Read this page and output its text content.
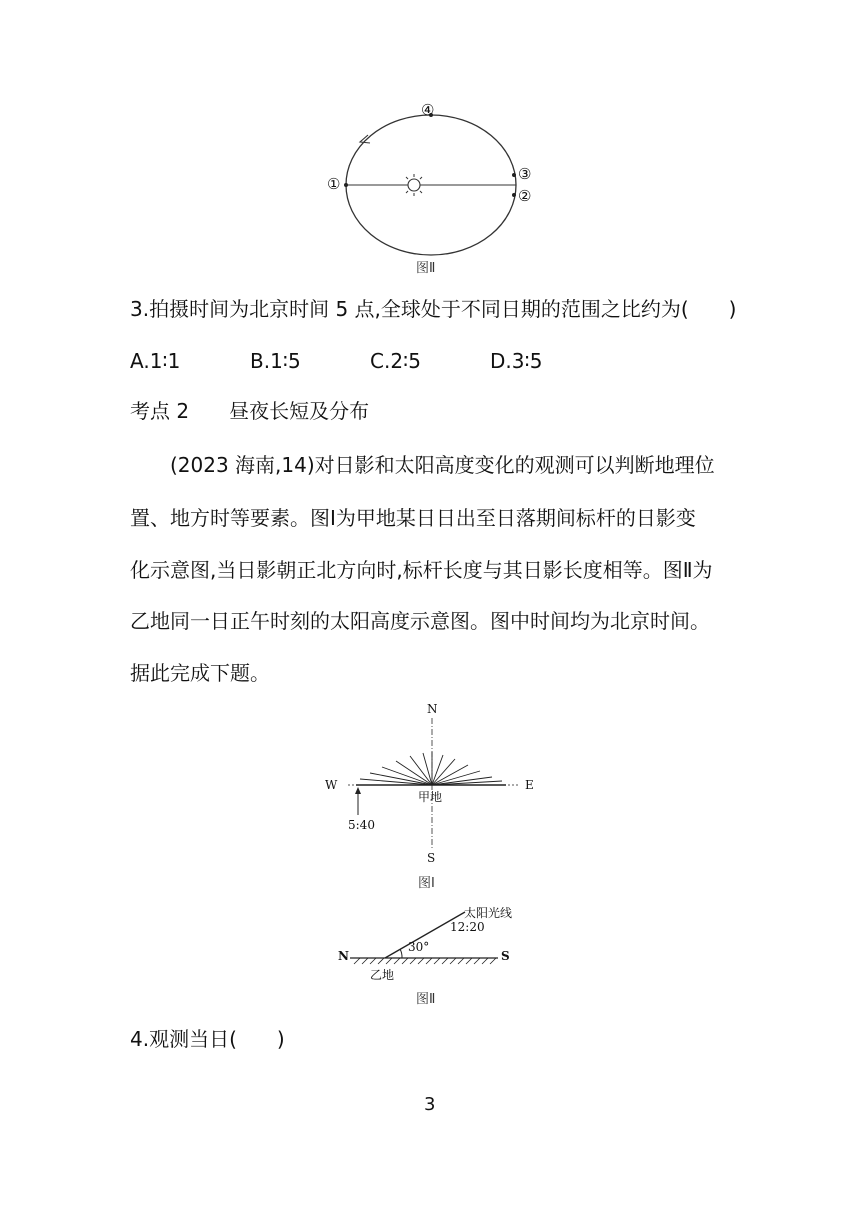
①
②
③
④
图Ⅱ
3.拍摄时间为北京时间 5 点,全球处于不同日期的范围之比约为(　　)
A.1∶1	B.1∶5	C.2∶5	D.3∶5
考点 2　　昼夜长短及分布
(2023 海南,14)对日影和太阳高度变化的观测可以判断地理位
置、地方时等要素。图Ⅰ为甲地某日日出至日落期间标杆的日影变
化示意图,当日影朝正北方向时,标杆长度与其日影长度相等。图Ⅱ为
乙地同一日正午时刻的太阳高度示意图。图中时间均为北京时间。
据此完成下题。
N
S
W	E
甲地
5:40
图Ⅰ
N	S
乙地
太阳光线
12:20
30°
图Ⅱ
4.观测当日(　　)
3
